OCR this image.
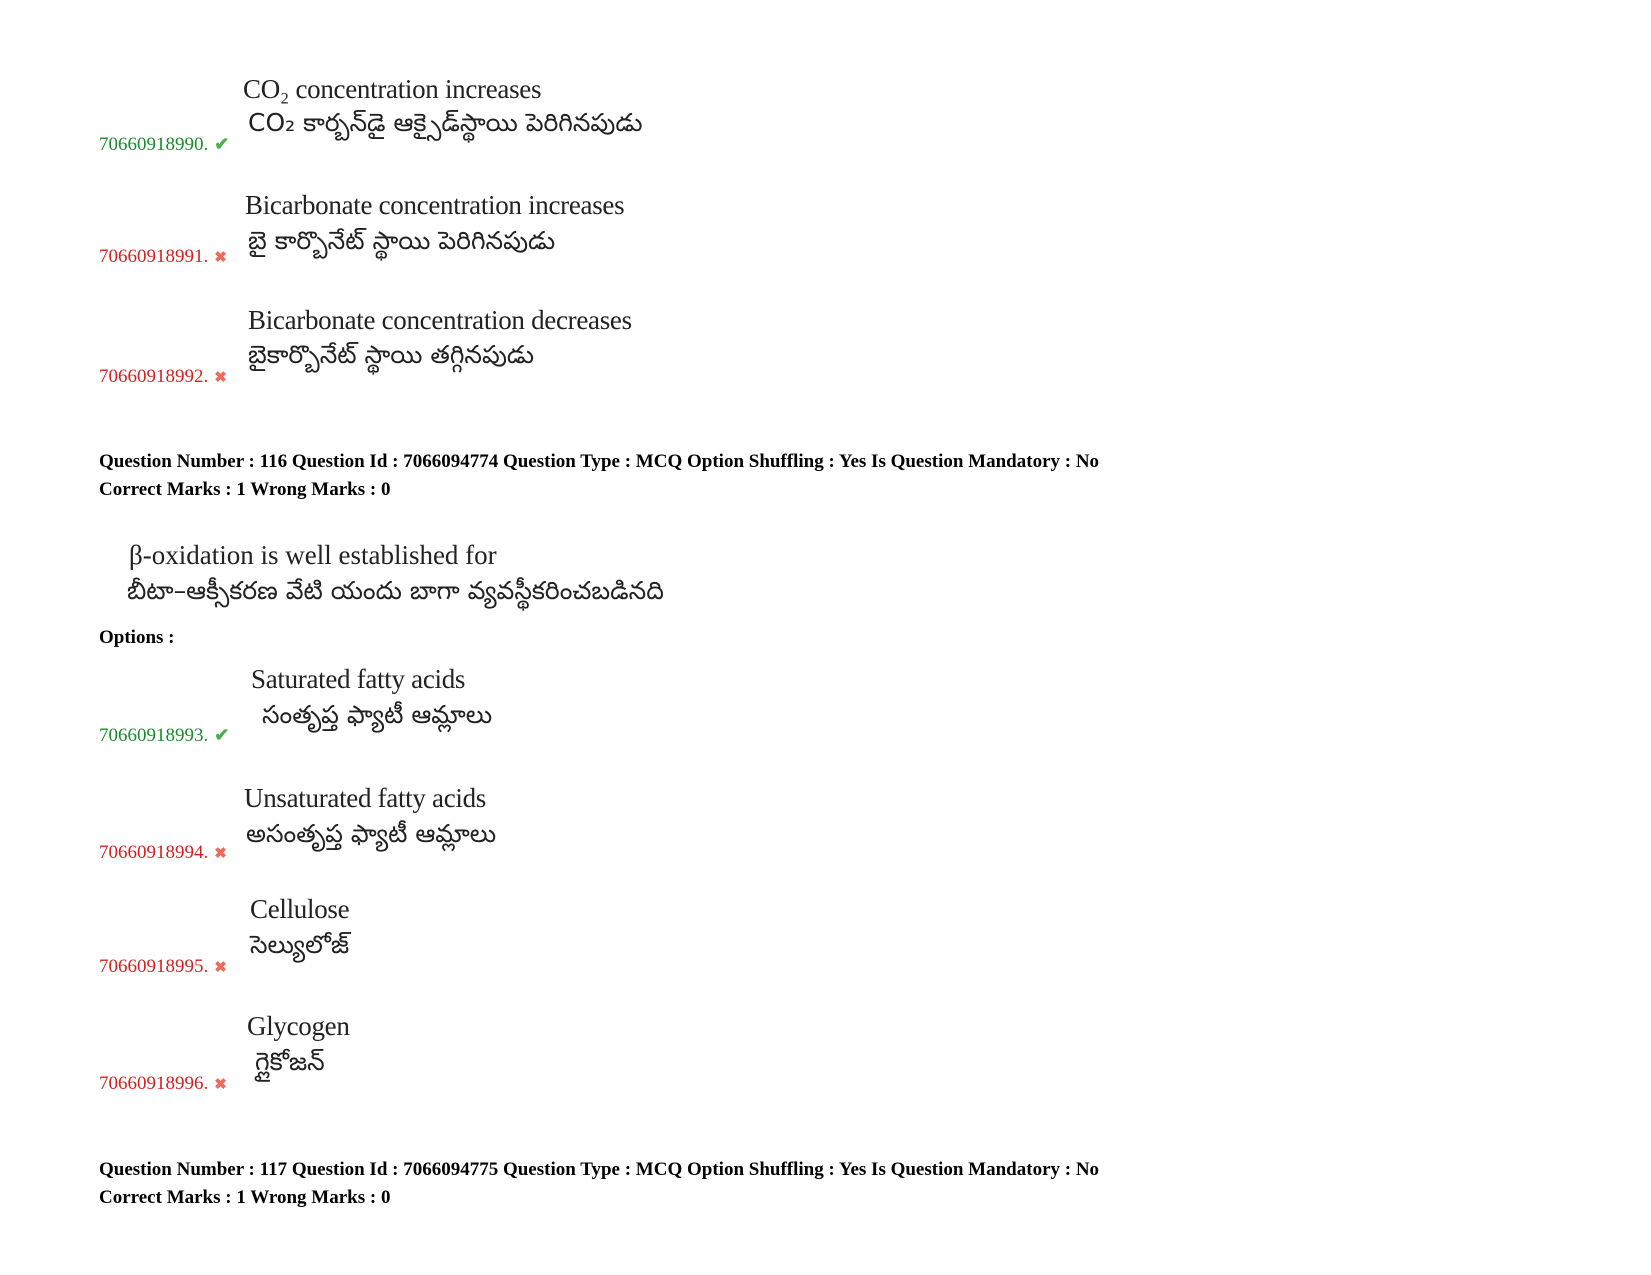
CO₂ concentration increases
CO₂ కార్బన్‌డై ఆక్సైడ్‌స్థాయి పెరిగినపుడు
70660918990. ✔
Bicarbonate concentration increases
బై కార్బొనేట్ స్థాయి పెరిగినపుడు
70660918991. ✖
Bicarbonate concentration decreases
బైకార్బొనేట్ స్థాయి తగ్గినపుడు
70660918992. ✖
Question Number : 116 Question Id : 7066094774 Question Type : MCQ Option Shuffling : Yes Is Question Mandatory : No
Correct Marks : 1 Wrong Marks : 0
β-oxidation is well established for
బీటా–ఆక్సీకరణ వేటి యందు బాగా వ్యవస్థీకరించబడినది
Options :
Saturated fatty acids
సంతృప్త ఫ్యాటీ ఆమ్లాలు
70660918993. ✔
Unsaturated fatty acids
అసంతృప్త ఫ్యాటీ ఆమ్లాలు
70660918994. ✖
Cellulose
సెల్యులోజ్
70660918995. ✖
Glycogen
గ్లైకోజన్
70660918996. ✖
Question Number : 117 Question Id : 7066094775 Question Type : MCQ Option Shuffling : Yes Is Question Mandatory : No
Correct Marks : 1 Wrong Marks : 0
